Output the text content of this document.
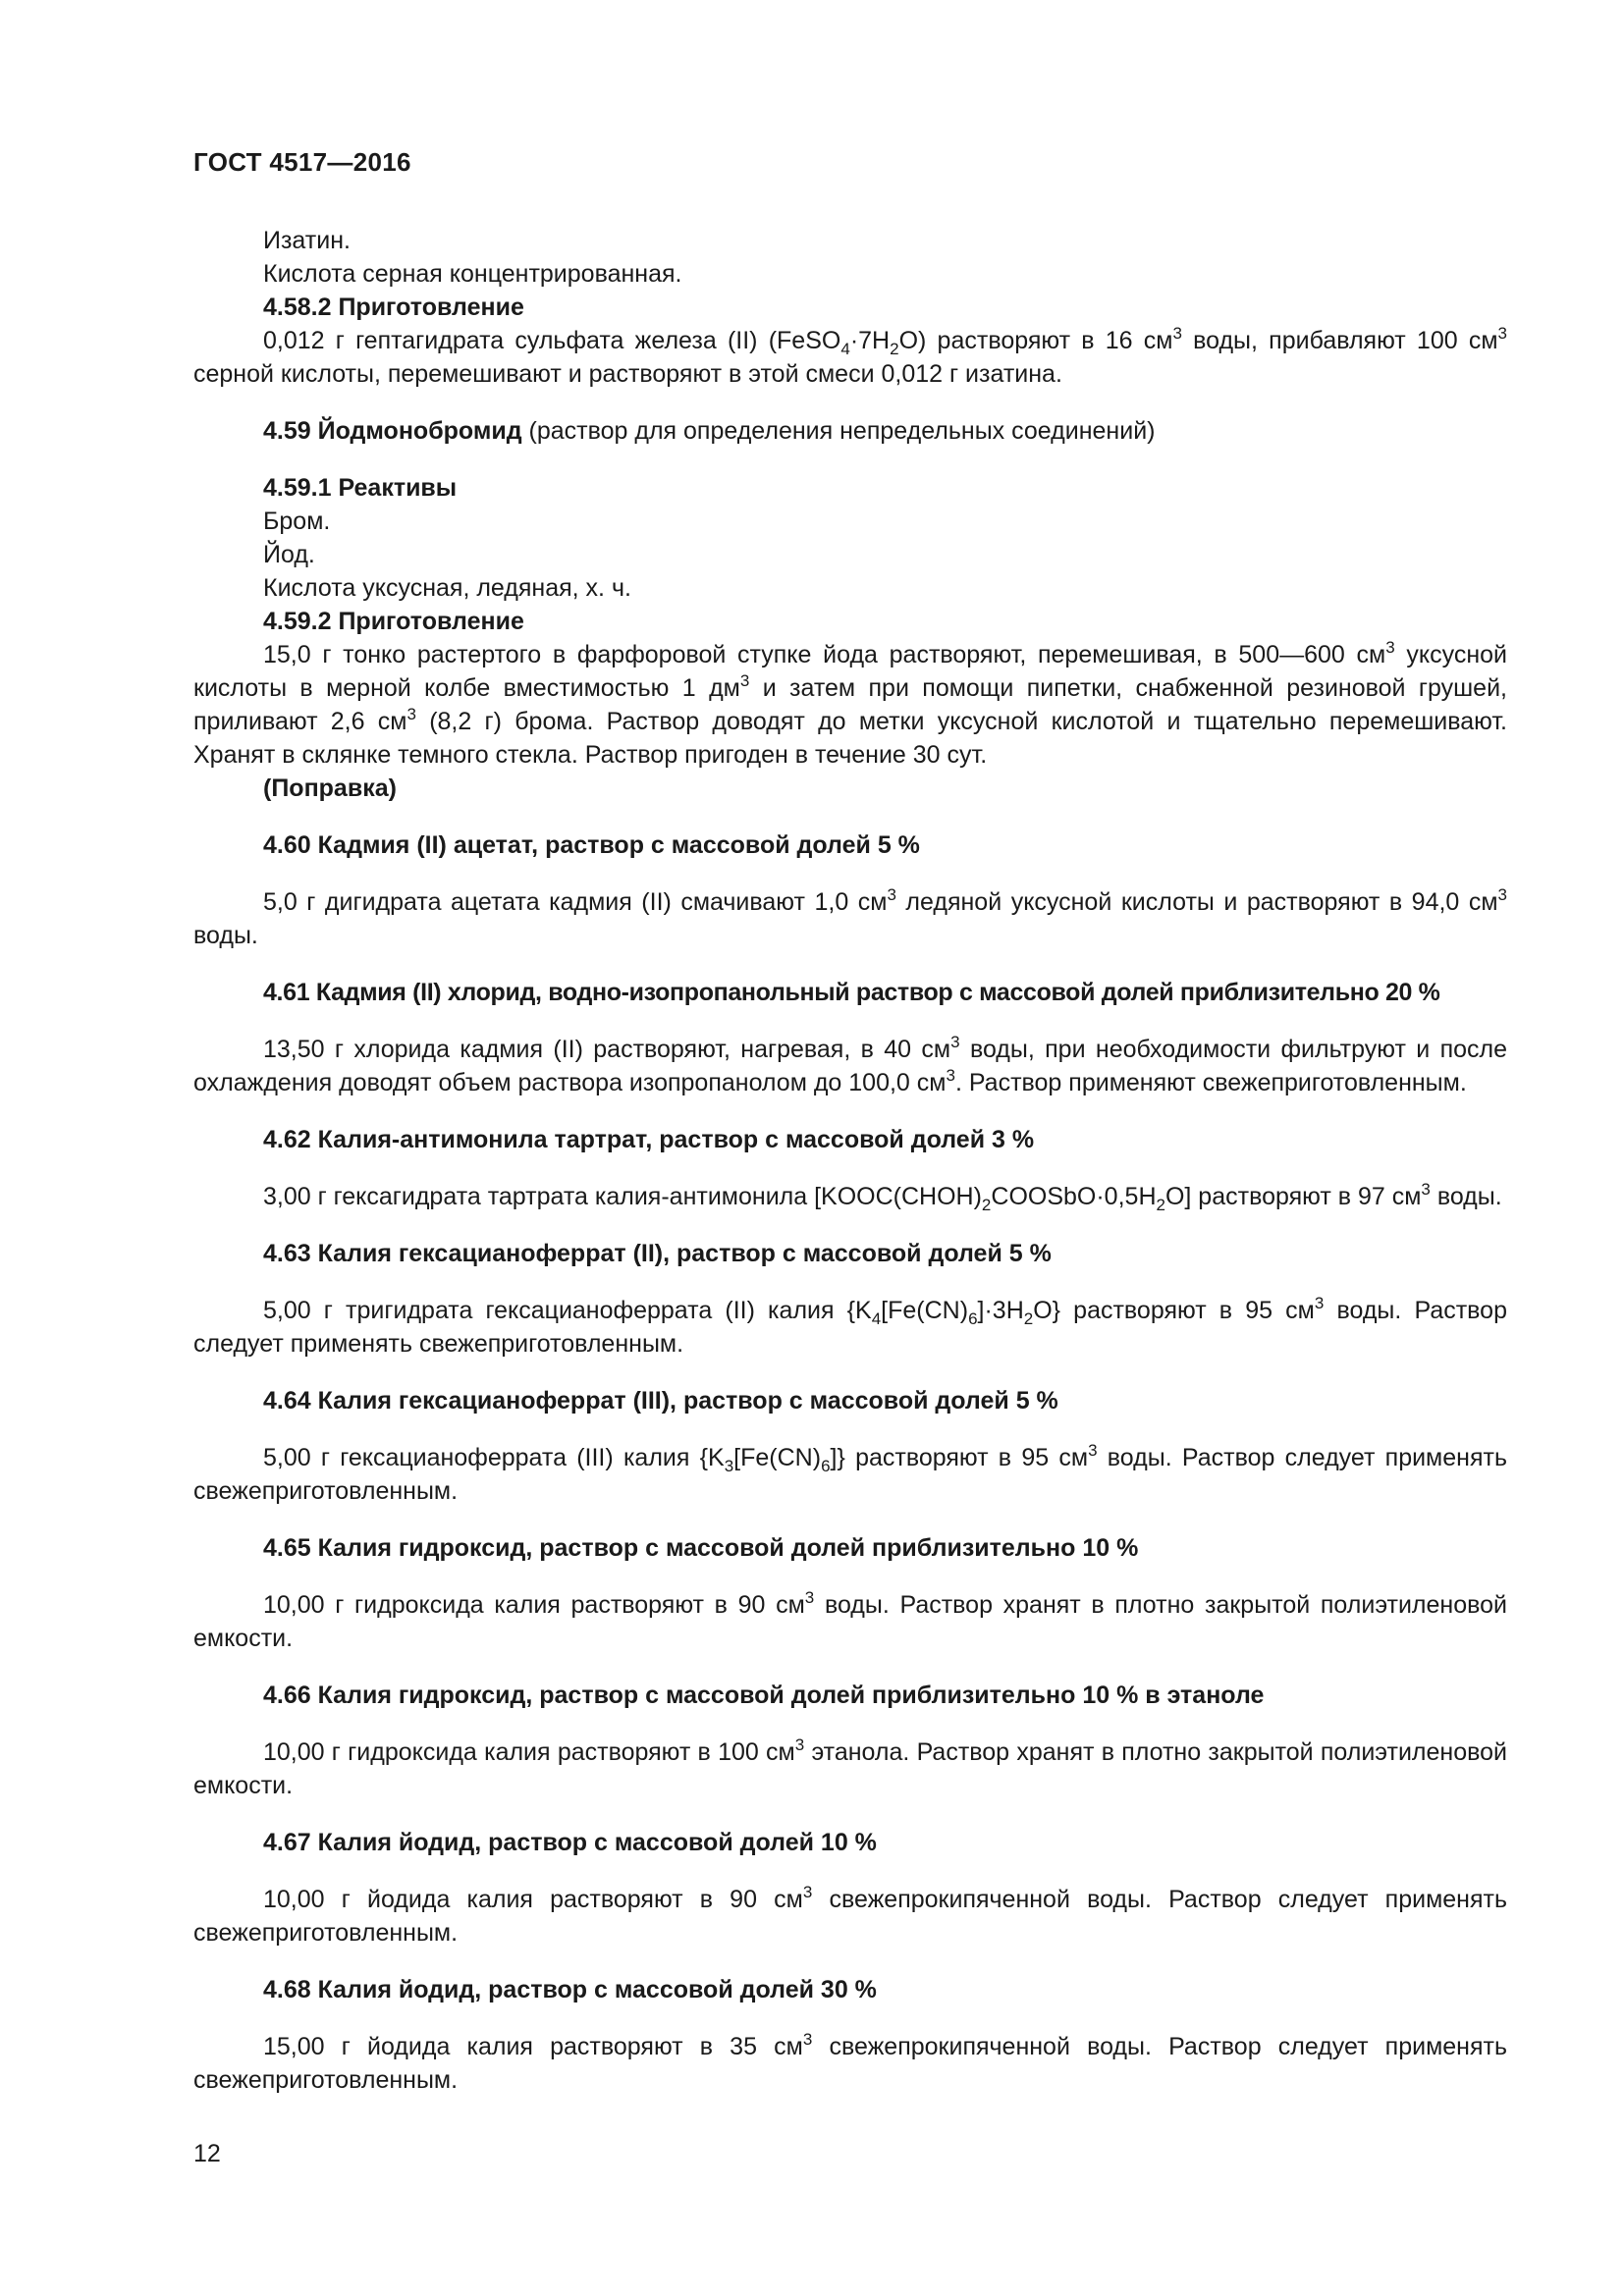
ГОСТ 4517—2016

Изатин.

Кислота серная концентрированная.

4.58.2 Приготовление

0,012 г гептагидрата сульфата железа (II) $(FeSO_4\cdot 7H_2O)$ растворяют в 16 $см^3$ воды, прибавляют 100 $см^3$ серной кислоты, перемешивают и растворяют в этой смеси 0,012 г изатина.

4.59 Йодмонобромид (раствор для определения непредельных соединений)

4.59.1 Реактивы

Бром.

Йод.

Кислота уксусная, ледяная, х. ч.

4.59.2 Приготовление

15,0 г тонко растертого в фарфоровой ступке йода растворяют, перемешивая, в 500—600 $см^3$ уксусной кислоты в мерной колбе вместимостью 1 $дм^3$ и затем при помощи пипетки, снабженной резиновой грушей, приливают 2,6 $см^3$ (8,2 г) брома. Раствор доводят до метки уксусной кислотой и тщательно перемешивают. Хранят в склянке темного стекла. Раствор пригоден в течение 30 сут.

(Поправка)

4.60 Кадмия (II) ацетат, раствор с массовой долей 5 %

5,0 г дигидрата ацетата кадмия (II) смачивают 1,0 $см^3$ ледяной уксусной кислоты и растворяют в 94,0 $см^3$ воды.

4.61 Кадмия (II) хлорид, водно-изопропанольный раствор с массовой долей приблизительно 20 %

13,50 г хлорида кадмия (II) растворяют, нагревая, в 40 $см^3$ воды, при необходимости фильтруют и после охлаждения доводят объем раствора изопропанолом до 100,0 $см^3$. Раствор применяют свежеприготовленным.

4.62 Калия-антимонила тартрат, раствор с массовой долей 3 %

3,00 г гексагидрата тартрата калия-антимонила $[KOOC(CHOH)_2COOSbO\cdot 0,5H_2O]$ растворяют в 97 $см^3$ воды.

4.63 Калия гексацианоферрат (II), раствор с массовой долей 5 %

5,00 г тригидрата гексацианоферрата (II) калия $\{K_4[Fe(CN)_6]\cdot 3H_2O\}$ растворяют в 95 $см^3$ воды. Раствор следует применять свежеприготовленным.

4.64 Калия гексацианоферрат (III), раствор с массовой долей 5 %

5,00 г гексацианоферрата (III) калия $\{K_3[Fe(CN)_6]\}$ растворяют в 95 $см^3$ воды. Раствор следует применять свежеприготовленным.

4.65 Калия гидроксид, раствор с массовой долей приблизительно 10 %

10,00 г гидроксида калия растворяют в 90 $см^3$ воды. Раствор хранят в плотно закрытой полиэтиленовой емкости.

4.66 Калия гидроксид, раствор с массовой долей приблизительно 10 % в этаноле

10,00 г гидроксида калия растворяют в 100 $см^3$ этанола. Раствор хранят в плотно закрытой полиэтиленовой емкости.

4.67 Калия йодид, раствор с массовой долей 10 %

10,00 г йодида калия растворяют в 90 $см^3$ свежепрокипяченной воды. Раствор следует применять свежеприготовленным.

4.68 Калия йодид, раствор с массовой долей 30 %

15,00 г йодида калия растворяют в 35 $см^3$ свежепрокипяченной воды. Раствор следует применять свежеприготовленным.

12
